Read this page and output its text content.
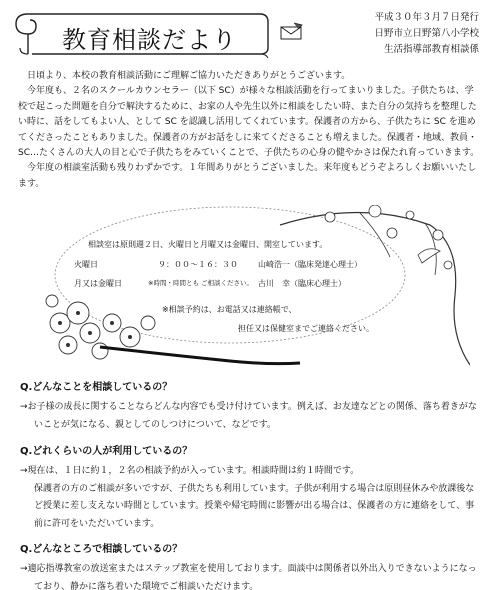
教育相談だより
平成３０年３月７日発行
日野市立日野第八小学校
生活指導部教育相談係

日頃より、本校の教育相談活動にご理解ご協力いただきありがとうございます。

今年度も、２名のスクールカウンセラー（以下 SC）が様々な相談活動を行ってまいりました。子供たちは、学校で起こった問題を自分で解決するために、お家の人や先生以外に相談をしたい時、また自分の気持ちを整理したい時に、話をしてもよい人、として SC を認識し活用してくれています。保護者の方から、子供たちに SC を進めてくださったこともありました。保護者の方がお話をしに来てくださることも増えました。保護者・地域、教員・SC…たくさんの大人の目と心で子供たちをみていくことで、子供たちの心身の健やかさは保たれ育っていきます。

今年度の相談室活動も残りわずかです。１年間ありがとうございました。来年度もどうぞよろしくお願いいたします。

相談室は原則週２日、火曜日と月曜又は金曜日、開室しています。
火曜日	９：００～１６：３０	山崎浩一（臨床発達心理士）
月又は金曜日	※時間・時間とも ご相談ください。 古川　幸（臨床心理士）
※相談予約は、お電話又は連絡帳で、
担任又は保健室までご連絡ください。
Q.どんなことを相談しているの？

→お子様の成長に関することならどんな内容でも受け付けています。例えば、お友達などとの関係、落ち着きがないことが気になる、親としてのしつけについて、などです。

Q.どれくらいの人が利用しているの？

→現在は、１日に約１，２名の相談予約が入っています。相談時間は約１時間です。

保護者の方のご相談が多いですが、子供たちも利用しています。子供が利用する場合は原則昼休みや放課後など授業に差し支えない時間としています。授業や帰宅時間に影響が出る場合は、保護者の方に連絡をして、事前に許可をいただいています。

Q.どんなところで相談しているの？

→適応指導教室の放送室またはステップ教室を使用しております。面談中は関係者以外出入りできないようになっており、静かに落ち着いた環境でご相談いただけます。
